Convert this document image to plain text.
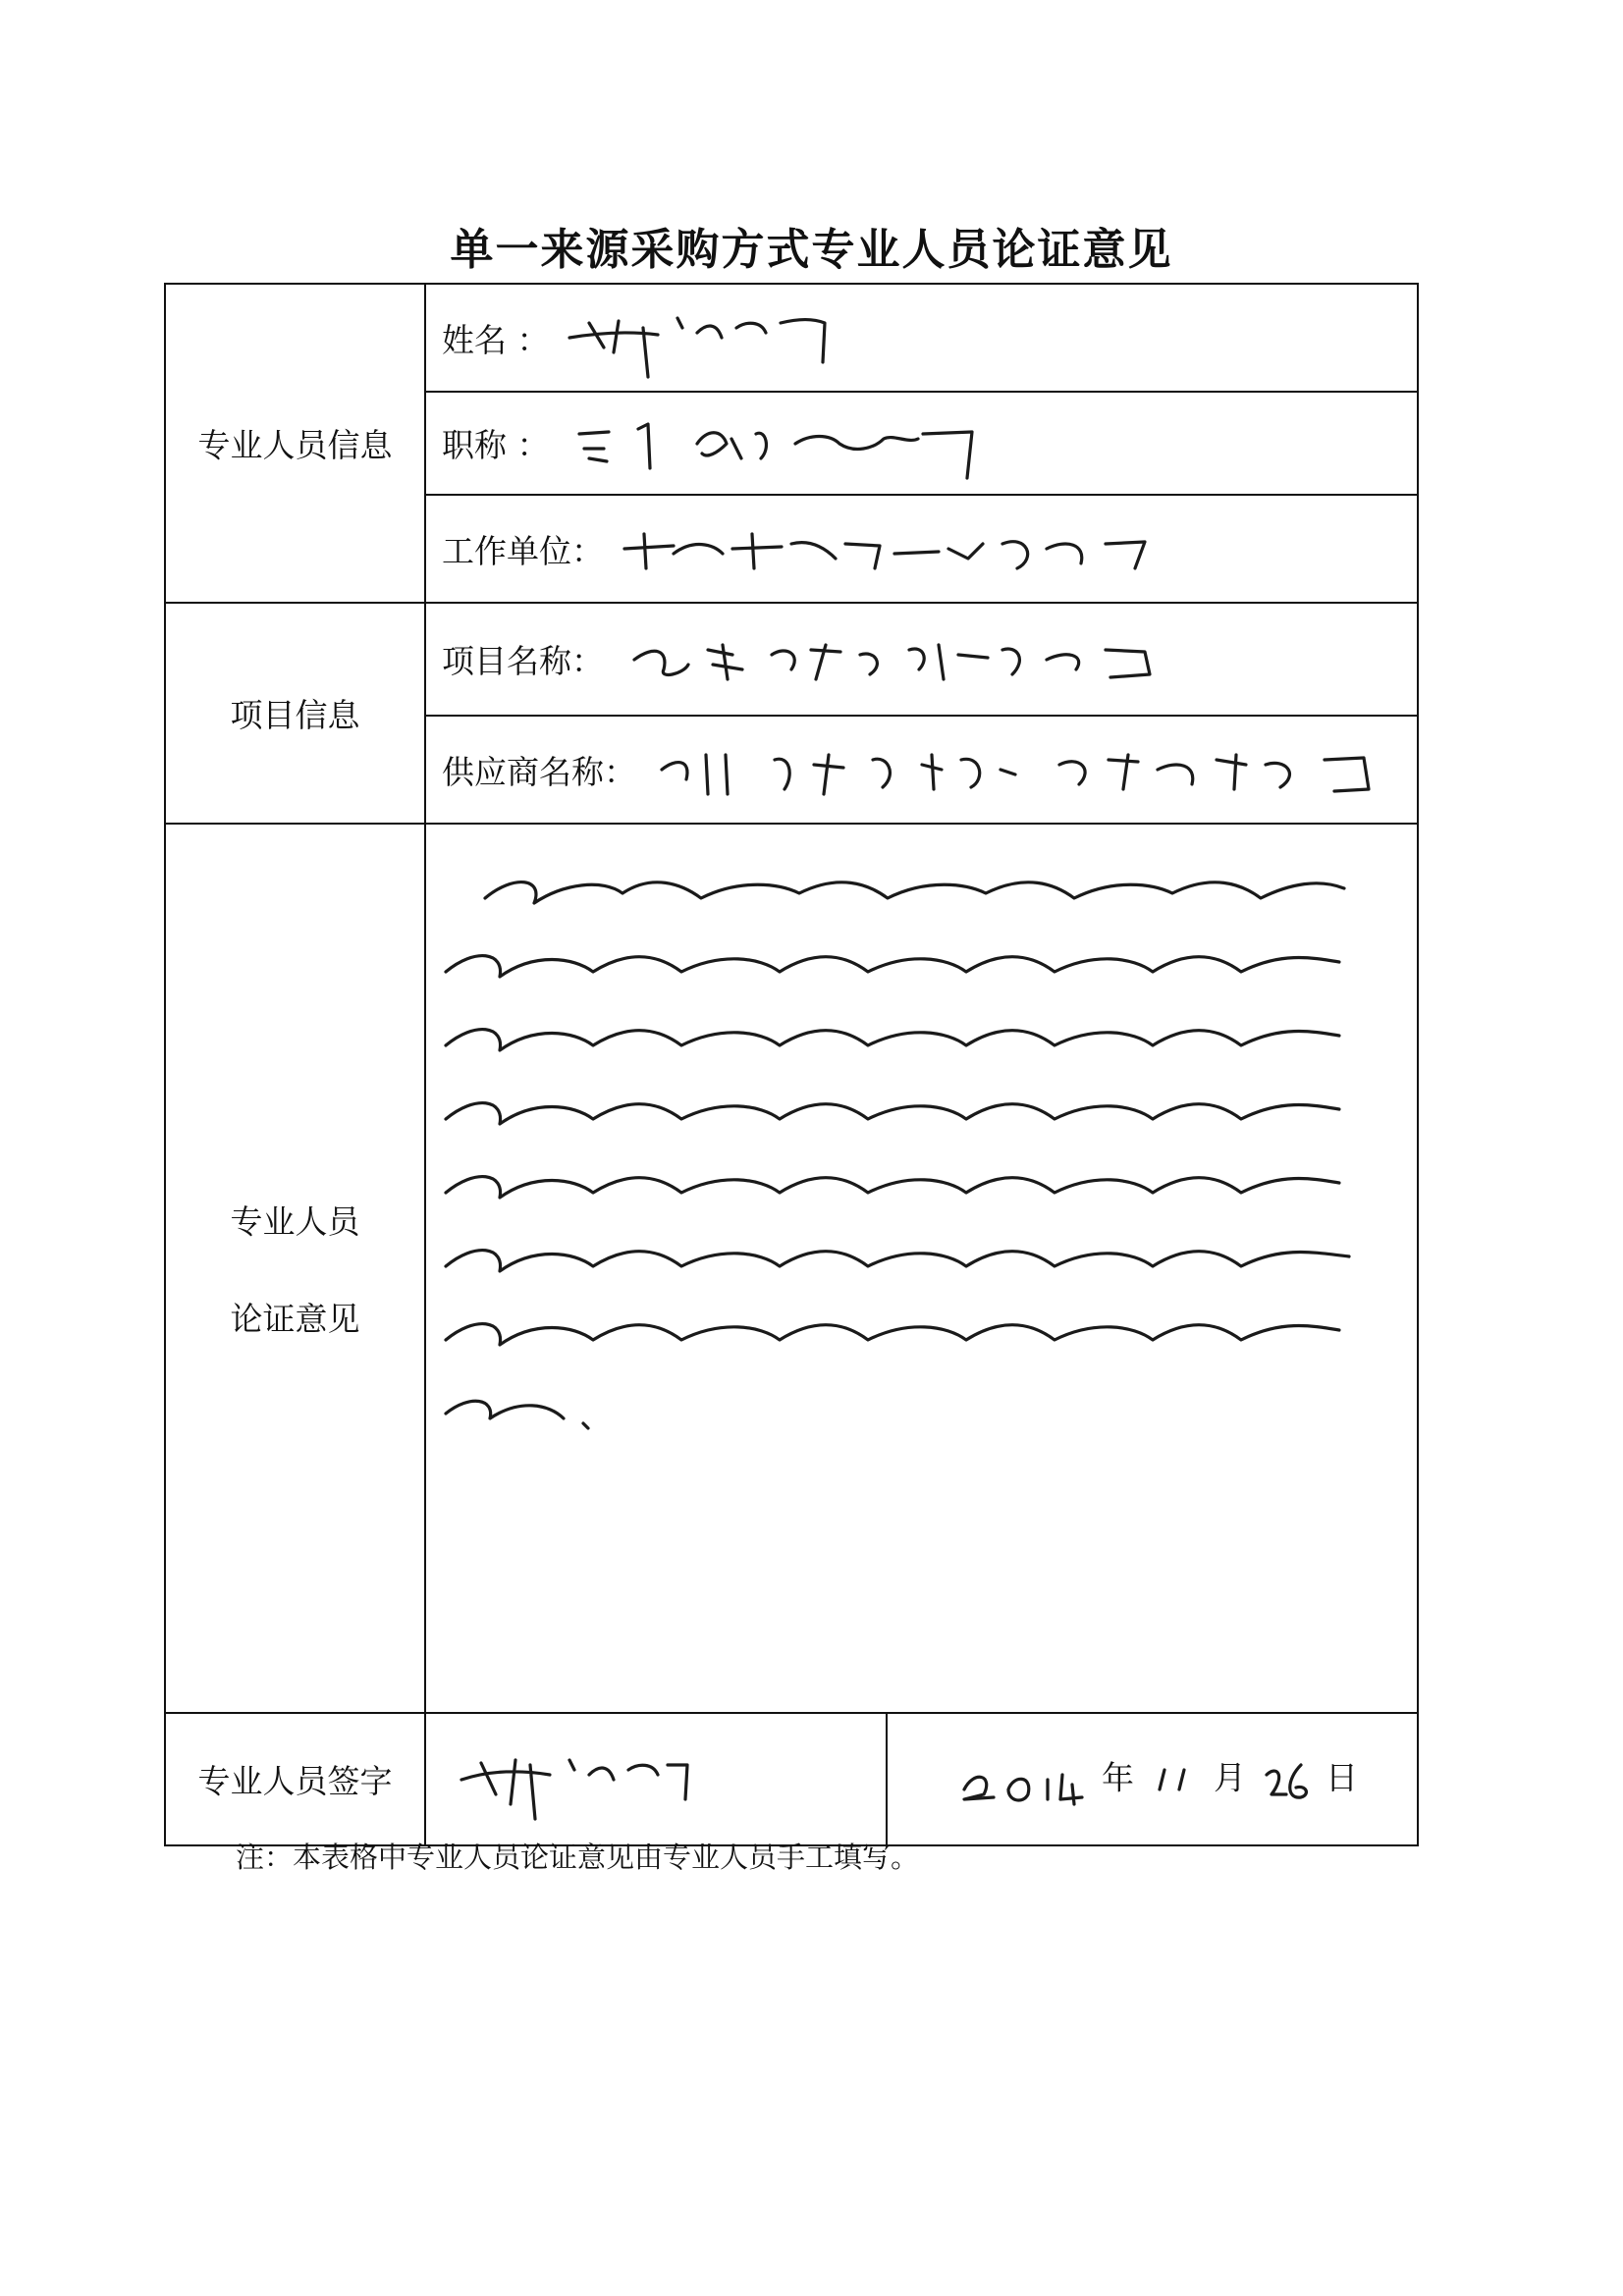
单一来源采购方式专业人员论证意见
专业人员信息	姓名 ：	
	职称 ：	
	工作单位：	
项目信息	项目名称：	
	供应商名称：	

专业人员
论证意见

专业人员签字		年 月 日
注：本表格中专业人员论证意见由专业人员手工填写。
